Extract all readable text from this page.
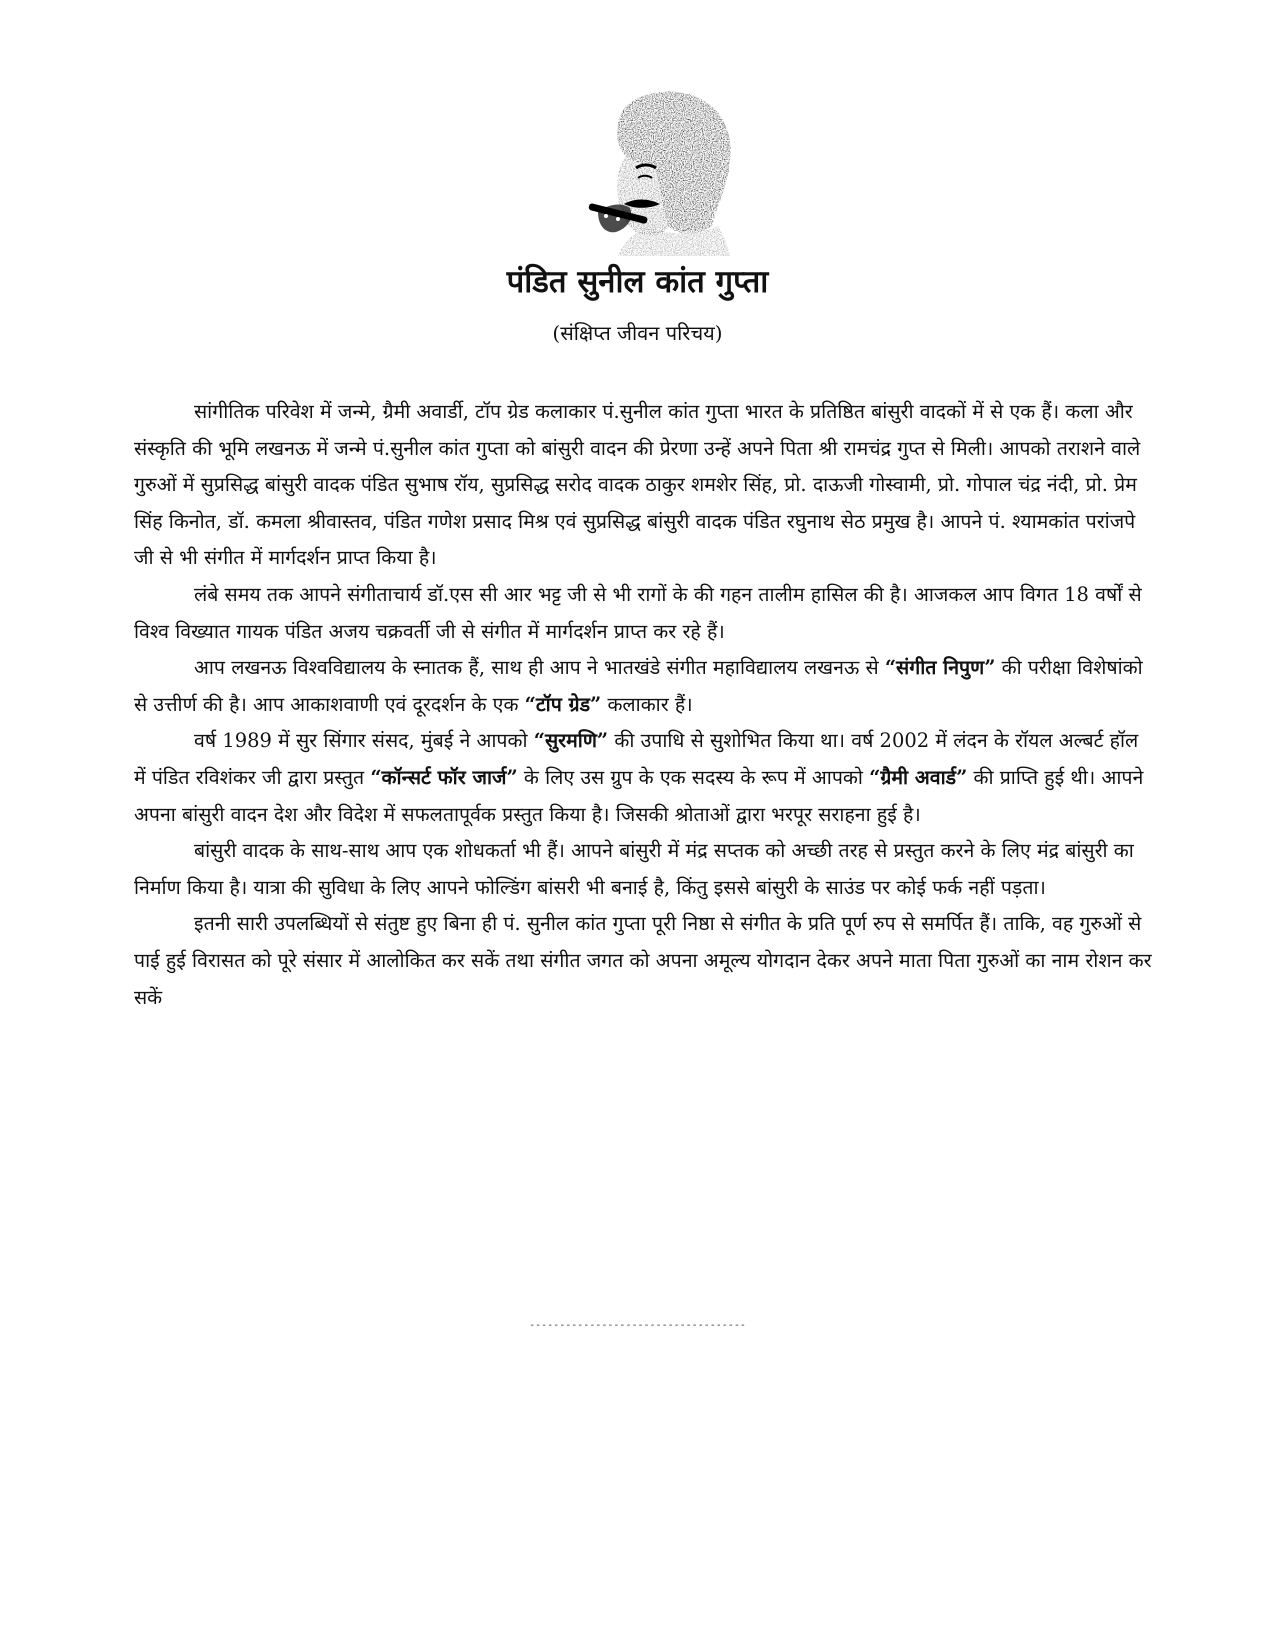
पंडित सुनील कांत गुप्ता
(संक्षिप्त जीवन परिचय)

सांगीतिक परिवेश में जन्मे, ग्रैमी अवार्डी, टॉप ग्रेड कलाकार पं.सुनील कांत गुप्ता भारत के प्रतिष्ठित बांसुरी वादकों में से एक हैं। कला और संस्कृति की भूमि लखनऊ में जन्मे पं.सुनील कांत गुप्ता को बांसुरी वादन की प्रेरणा उन्हें अपने पिता श्री रामचंद्र गुप्त से मिली। आपको तराशने वाले गुरुओं में सुप्रसिद्ध बांसुरी वादक पंडित सुभाष रॉय, सुप्रसिद्ध सरोद वादक ठाकुर शमशेर सिंह, प्रो. दाऊजी गोस्वामी, प्रो. गोपाल चंद्र नंदी, प्रो. प्रेम सिंह किनोत, डॉ. कमला श्रीवास्तव, पंडित गणेश प्रसाद मिश्र एवं सुप्रसिद्ध बांसुरी वादक पंडित रघुनाथ सेठ प्रमुख है। आपने पं. श्यामकांत परांजपे जी से भी संगीत में मार्गदर्शन प्राप्त किया है।

लंबे समय तक आपने संगीताचार्य डॉ.एस सी आर भट्ट जी से भी रागों के की गहन तालीम हासिल की है। आजकल आप विगत 18 वर्षों से विश्व विख्यात गायक पंडित अजय चक्रवर्ती जी से संगीत में मार्गदर्शन प्राप्त कर रहे हैं।

आप लखनऊ विश्वविद्यालय के स्नातक हैं, साथ ही आप ने भातखंडे संगीत महाविद्यालय लखनऊ से “संगीत निपुण” की परीक्षा विशेषांको से उत्तीर्ण की है। आप आकाशवाणी एवं दूरदर्शन के एक “टॉप ग्रेड” कलाकार हैं।

वर्ष 1989 में सुर सिंगार संसद, मुंबई ने आपको “सुरमणि” की उपाधि से सुशोभित किया था। वर्ष 2002 में लंदन के रॉयल अल्बर्ट हॉल में पंडित रविशंकर जी द्वारा प्रस्तुत “कॉन्सर्ट फॉर जार्ज” के लिए उस ग्रुप के एक सदस्य के रूप में आपको “ग्रैमी अवार्ड” की प्राप्ति हुई थी। आपने अपना बांसुरी वादन देश और विदेश में सफलतापूर्वक प्रस्तुत किया है। जिसकी श्रोताओं द्वारा भरपूर सराहना हुई है।

बांसुरी वादक के साथ-साथ आप एक शोधकर्ता भी हैं। आपने बांसुरी में मंद्र सप्तक को अच्छी तरह से प्रस्तुत करने के लिए मंद्र बांसुरी का निर्माण किया है। यात्रा की सुविधा के लिए आपने फोल्डिंग बांसरी भी बनाई है, किंतु इससे बांसुरी के साउंड पर कोई फर्क नहीं पड़ता।

इतनी सारी उपलब्धियों से संतुष्ट हुए बिना ही पं. सुनील कांत गुप्ता पूरी निष्ठा से संगीत के प्रति पूर्ण रुप से समर्पित हैं। ताकि, वह गुरुओं से पाई हुई विरासत को पूरे संसार में आलोकित कर सकें तथा संगीत जगत को अपना अमूल्य योगदान देकर अपने माता पिता गुरुओं का नाम रोशन कर सकें

------------------------------------
